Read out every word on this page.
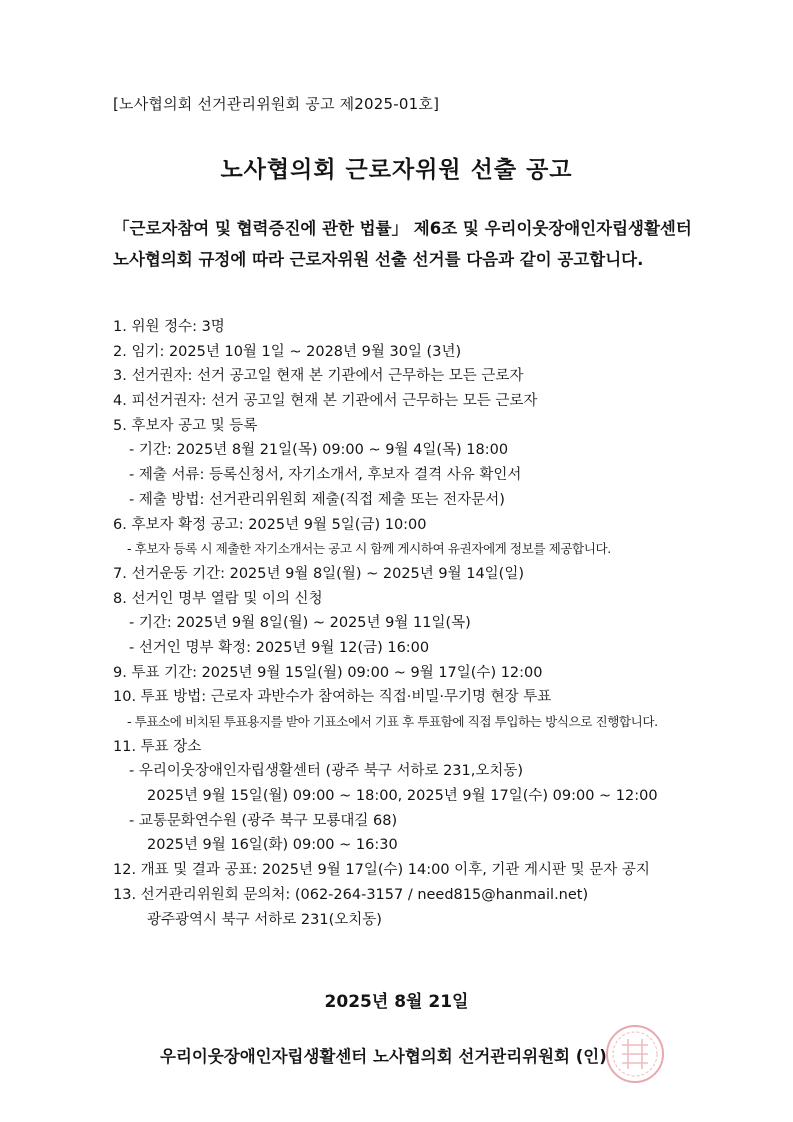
[노사협의회 선거관리위원회 공고 제2025-01호]
노사협의회 근로자위원 선출 공고
「근로자참여 및 협력증진에 관한 법률」 제6조 및 우리이웃장애인자립생활센터 노사협의회 규정에 따라 근로자위원 선출 선거를 다음과 같이 공고합니다.
1. 위원 정수: 3명
2. 임기: 2025년 10월 1일 ~ 2028년 9월 30일 (3년)
3. 선거권자: 선거 공고일 현재 본 기관에서 근무하는 모든 근로자
4. 피선거권자: 선거 공고일 현재 본 기관에서 근무하는 모든 근로자
5. 후보자 공고 및 등록
- 기간: 2025년 8월 21일(목) 09:00 ~ 9월 4일(목) 18:00
- 제출 서류: 등록신청서, 자기소개서, 후보자 결격 사유 확인서
- 제출 방법: 선거관리위원회 제출(직접 제출 또는 전자문서)
6. 후보자 확정 공고: 2025년 9월 5일(금) 10:00
- 후보자 등록 시 제출한 자기소개서는 공고 시 함께 게시하여 유권자에게 정보를 제공합니다.
7. 선거운동 기간: 2025년 9월 8일(월) ~ 2025년 9월 14일(일)
8. 선거인 명부 열람 및 이의 신청
- 기간: 2025년 9월 8일(월) ~ 2025년 9월 11일(목)
- 선거인 명부 확정: 2025년 9월 12(금) 16:00
9. 투표 기간: 2025년 9월 15일(월) 09:00 ~ 9월 17일(수) 12:00
10. 투표 방법: 근로자 과반수가 참여하는 직접·비밀·무기명 현장 투표
- 투표소에 비치된 투표용지를 받아 기표소에서 기표 후 투표함에 직접 투입하는 방식으로 진행합니다.
11. 투표 장소
- 우리이웃장애인자립생활센터 (광주 북구 서하로 231,오치동)
2025년 9월 15일(월) 09:00 ~ 18:00, 2025년 9월 17일(수) 09:00 ~ 12:00
- 교통문화연수원 (광주 북구 모룡대길 68)
2025년 9월 16일(화) 09:00 ~ 16:30
12. 개표 및 결과 공표: 2025년 9월 17일(수) 14:00 이후, 기관 게시판 및 문자 공지
13. 선거관리위원회 문의처: (062-264-3157 / need815@hanmail.net)
광주광역시 북구 서하로 231(오치동)
2025년 8월 21일
우리이웃장애인자립생활센터 노사협의회 선거관리위원회 (인)
